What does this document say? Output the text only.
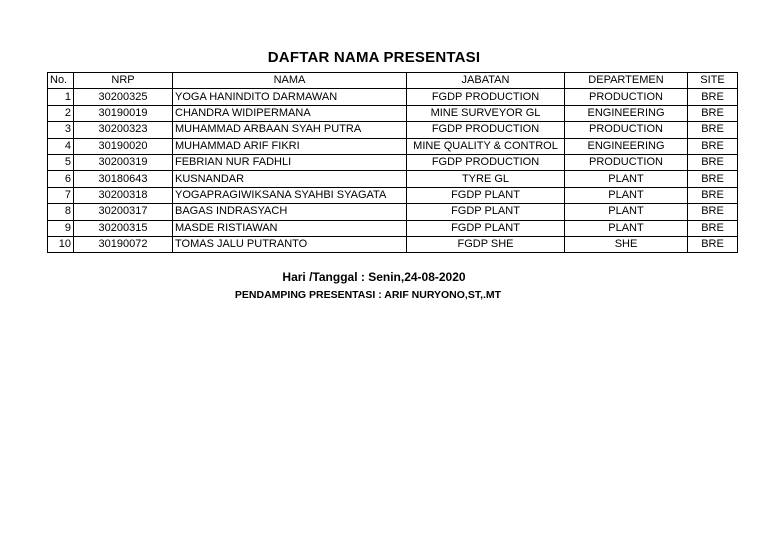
DAFTAR NAMA PRESENTASI
No.	NRP	NAMA	JABATAN	DEPARTEMEN	SITE
1	30200325	YOGA HANINDITO DARMAWAN	FGDP PRODUCTION	PRODUCTION	BRE
2	30190019	CHANDRA WIDIPERMANA	MINE SURVEYOR GL	ENGINEERING	BRE
3	30200323	MUHAMMAD ARBAAN SYAH PUTRA	FGDP PRODUCTION	PRODUCTION	BRE
4	30190020	MUHAMMAD ARIF FIKRI	MINE QUALITY & CONTROL	ENGINEERING	BRE
5	30200319	FEBRIAN NUR FADHLI	FGDP PRODUCTION	PRODUCTION	BRE
6	30180643	KUSNANDAR	TYRE GL	PLANT	BRE
7	30200318	YOGAPRAGIWIKSANA SYAHBI SYAGATA	FGDP PLANT	PLANT	BRE
8	30200317	BAGAS INDRASYACH	FGDP PLANT	PLANT	BRE
9	30200315	MASDE RISTIAWAN	FGDP PLANT	PLANT	BRE
10	30190072	TOMAS JALU PUTRANTO	FGDP SHE	SHE	BRE
Hari /Tanggal : Senin,24-08-2020
PENDAMPING PRESENTASI : ARIF NURYONO,ST,.MT
